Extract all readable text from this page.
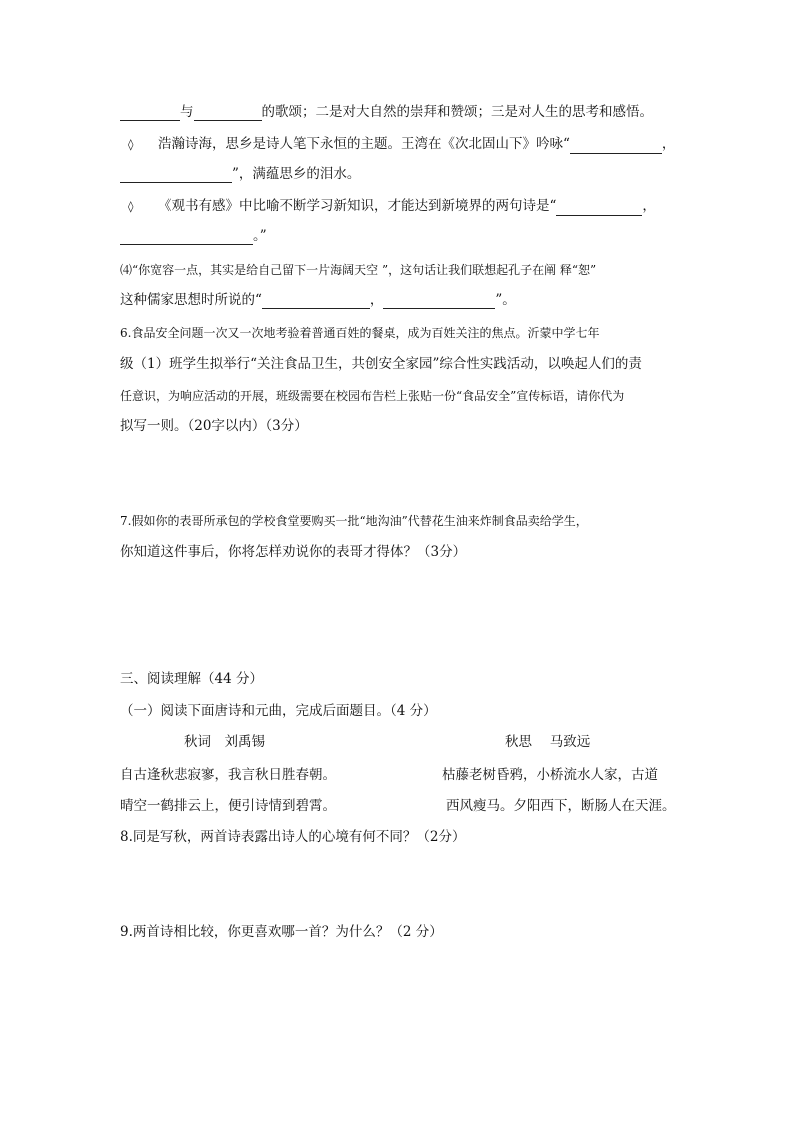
与	的歌颂；二是对大自然的崇拜和赞颂；三是对人生的思考和感悟。
◊ 浩瀚诗海，思乡是诗人笔下永恒的主题。王湾在《次北固山下》吟咏“	，
”，满蕴思乡的泪水。
◊ 《观书有感》中比喻不断学习新知识，才能达到新境界的两句诗是“	，
。”
⑷“你宽容一点，其实是给自己留下一片海阔天空 ”，这句话让我们联想起孔子在阐 释“恕”
这种儒家思想时所说的“	，	”。
6.食品安全问题一次又一次地考验着普通百姓的餐桌，成为百姓关注的焦点。沂蒙中学七年
级（1）班学生拟举行“关注食品卫生，共创安全家园”综合性实践活动，以唤起人们的责
任意识，为响应活动的开展，班级需要在校园布告栏上张贴一份“食品安全”宣传标语，请你代为
拟写一则。（20字以内）（3分）
7.假如你的表哥所承包的学校食堂要购买一批“地沟油”代替花生油来炸制食品卖给学生，
你知道这件事后，你将怎样劝说你的表哥才得体？（3分）
三、阅读理解（44 分）
（一）阅读下面唐诗和元曲，完成后面题目。（4 分）
秋词　刘禹锡	秋思　 马致远
自古逢秋悲寂寥，我言秋日胜春朝。	枯藤老树昏鸦，小桥流水人家，古道
晴空一鹤排云上，便引诗情到碧霄。	西风瘦马。夕阳西下，断肠人在天涯。
8.同是写秋，两首诗表露出诗人的心境有何不同？（2分）
9.两首诗相比较，你更喜欢哪一首？为什么？（2 分）
